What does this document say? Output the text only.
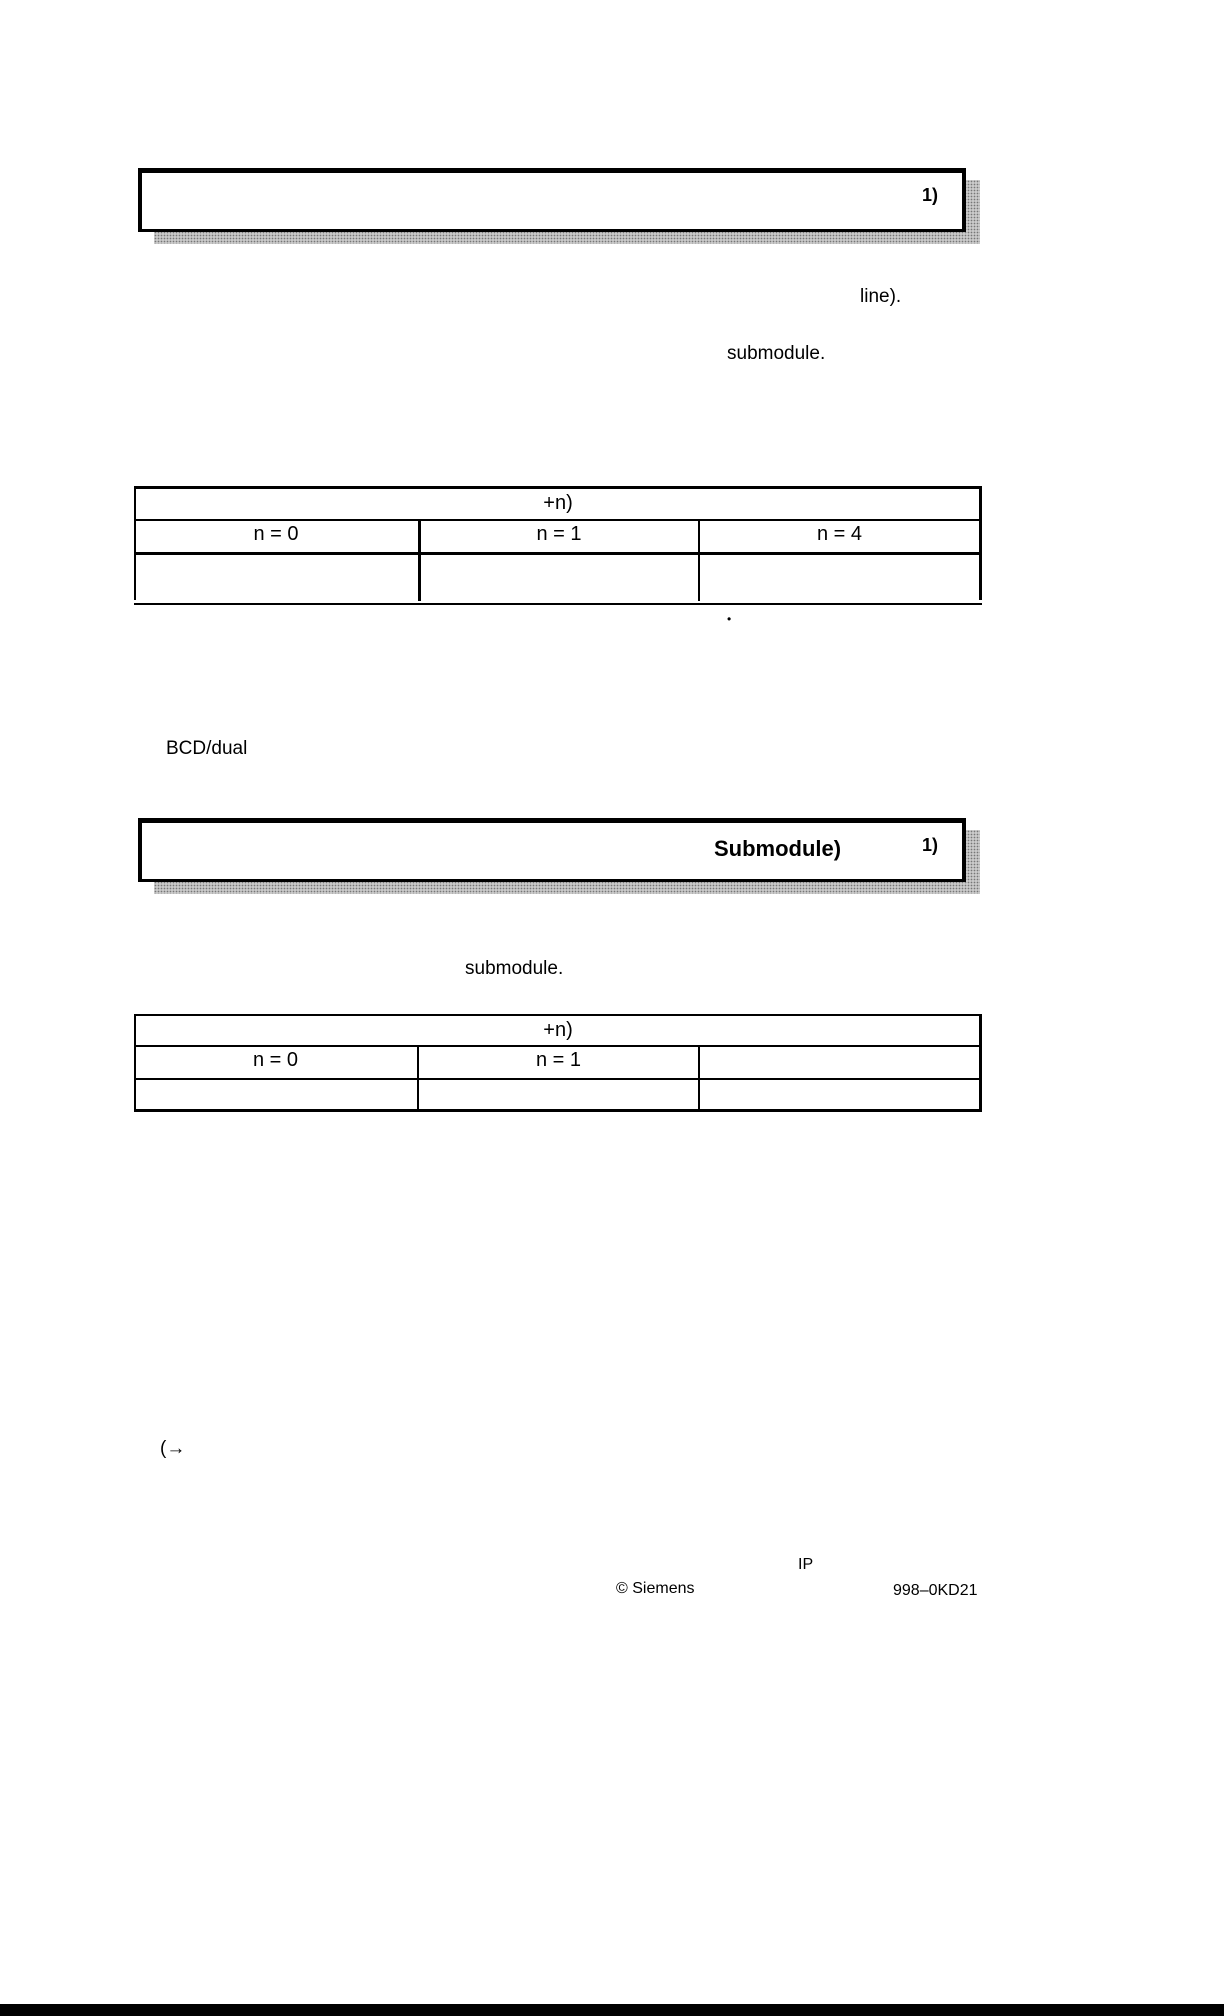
1)
line).
submodule.
+n)
n = 0	n = 1	n = 4
•
BCD/dual
Submodule)	1)
submodule.
+n)
n = 0	n = 1
(→
IP
© Siemens	998–0KD21
